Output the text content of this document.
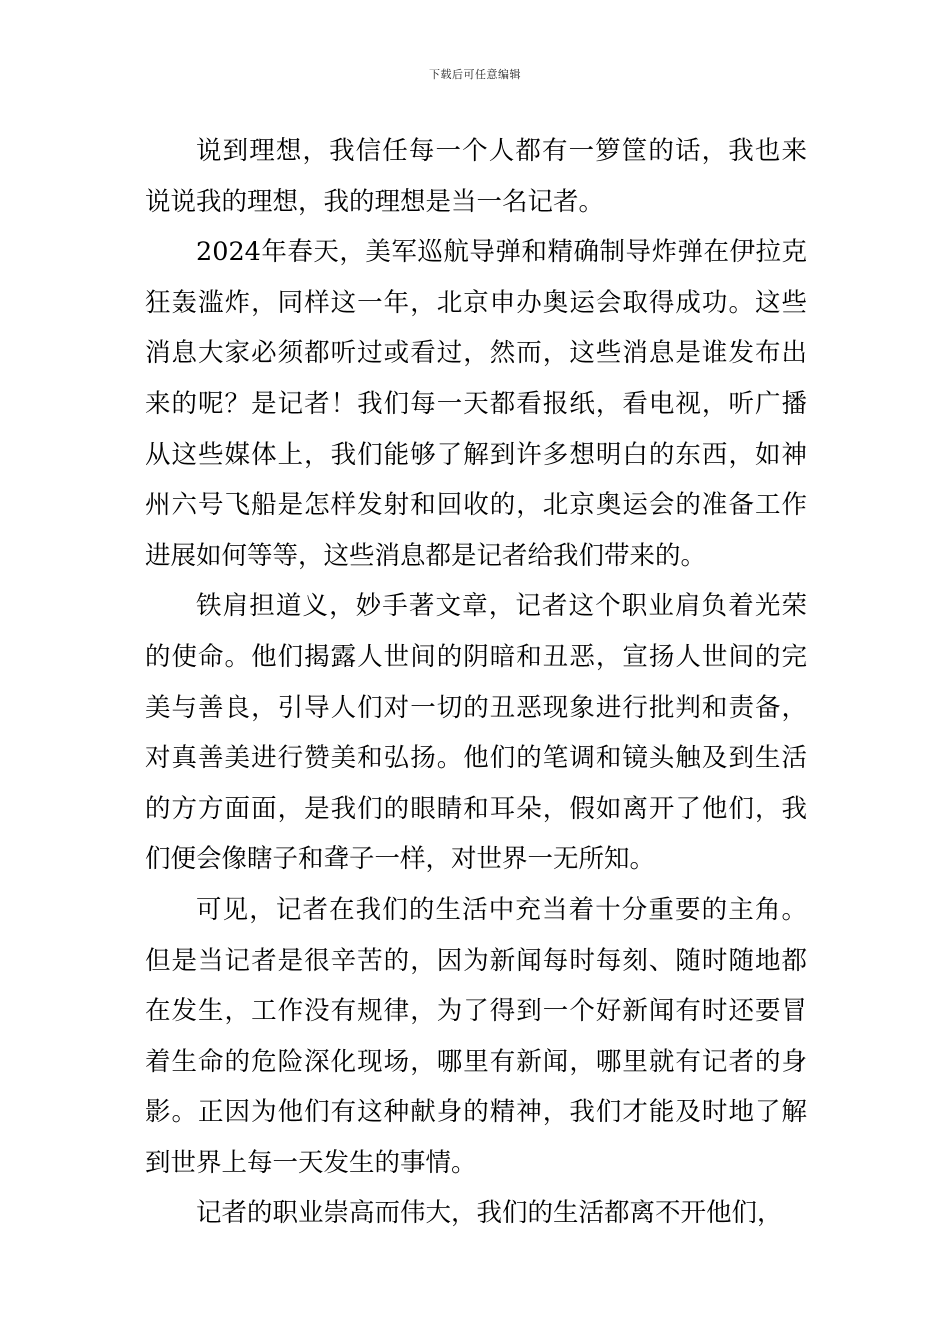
下载后可任意编辑

说到理想，我信任每一个人都有一箩筐的话，我也来说说我的理想，我的理想是当一名记者。

2024年春天，美军巡航导弹和精确制导炸弹在伊拉克狂轰滥炸，同样这一年，北京申办奥运会取得成功。这些消息大家必须都听过或看过，然而，这些消息是谁发布出来的呢？是记者！我们每一天都看报纸，看电视，听广播从这些媒体上，我们能够了解到许多想明白的东西，如神州六号飞船是怎样发射和回收的，北京奥运会的准备工作进展如何等等，这些消息都是记者给我们带来的。

铁肩担道义，妙手著文章，记者这个职业肩负着光荣的使命。他们揭露人世间的阴暗和丑恶，宣扬人世间的完美与善良，引导人们对一切的丑恶现象进行批判和责备，对真善美进行赞美和弘扬。他们的笔调和镜头触及到生活的方方面面，是我们的眼睛和耳朵，假如离开了他们，我们便会像瞎子和聋子一样，对世界一无所知。

可见，记者在我们的生活中充当着十分重要的主角。但是当记者是很辛苦的，因为新闻每时每刻、随时随地都在发生，工作没有规律，为了得到一个好新闻有时还要冒着生命的危险深化现场，哪里有新闻，哪里就有记者的身影。正因为他们有这种献身的精神，我们才能及时地了解到世界上每一天发生的事情。

记者的职业崇高而伟大，我们的生活都离不开他们，
